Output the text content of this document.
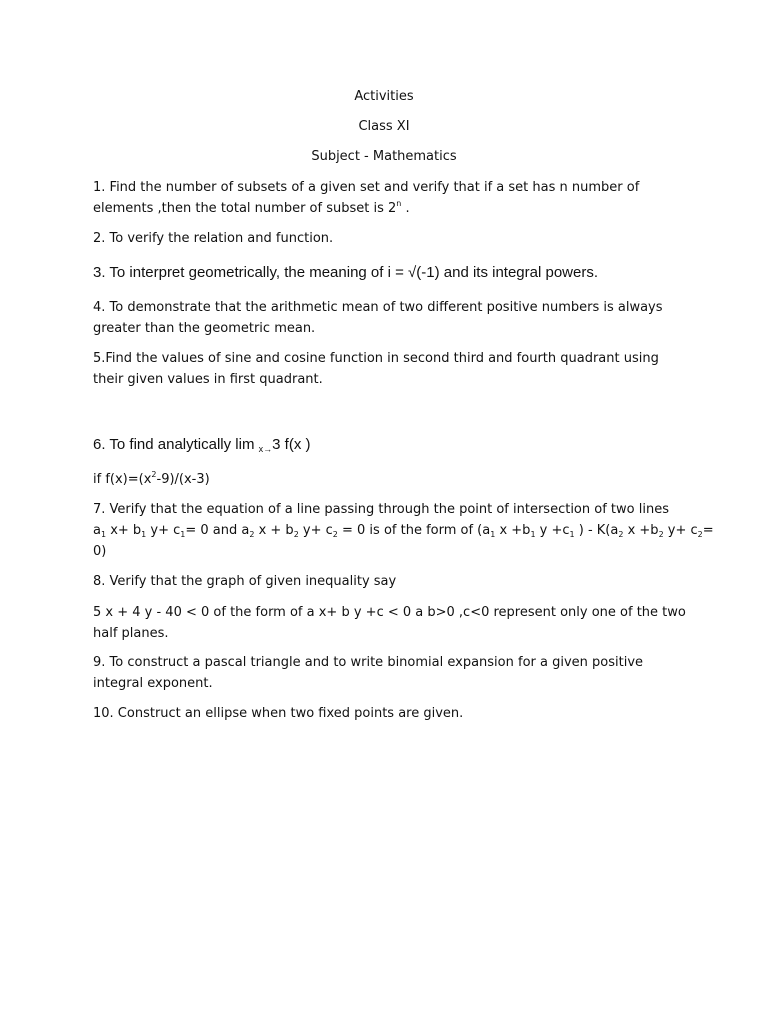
Activities
Class XI
Subject - Mathematics
1. Find the number of subsets of a given set and verify that if a set has n number of
elements ,then the total number of subset is 2$^n$ .
2. To verify the relation and function.
3. To interpret geometrically, the meaning of i = √(-1) and its integral powers.
4. To demonstrate that the arithmetic mean of two different positive numbers is always
greater than the geometric mean.
5.Find the values of sine and cosine function in second third and fourth quadrant using
their given values in first quadrant.
6. To find analytically lim $_{x\to}$3 f(x )
if $f(x)=(x^2-9)/(x-3)$
7. Verify that the equation of a line passing through the point of intersection of two lines
$a_1$ $x+ b_1$ $y+ c_1= 0$ and $a_2$ $x + b_2$ $y+ c_2 = 0$ is of the form of ($a_1$ $x +b_1$ $y +c_1$ ) - $K(a_2$ $x +b_2$ $y+ c_2=$
0)
8. Verify that the graph of given inequality say
5 x + 4 y - 40 < 0 of the form of a x+ b y +c < 0 a b>0 ,c<0 represent only one of the two
half planes.
9. To construct a pascal triangle and to write binomial expansion for a given positive
integral exponent.
10. Construct an ellipse when two fixed points are given.
